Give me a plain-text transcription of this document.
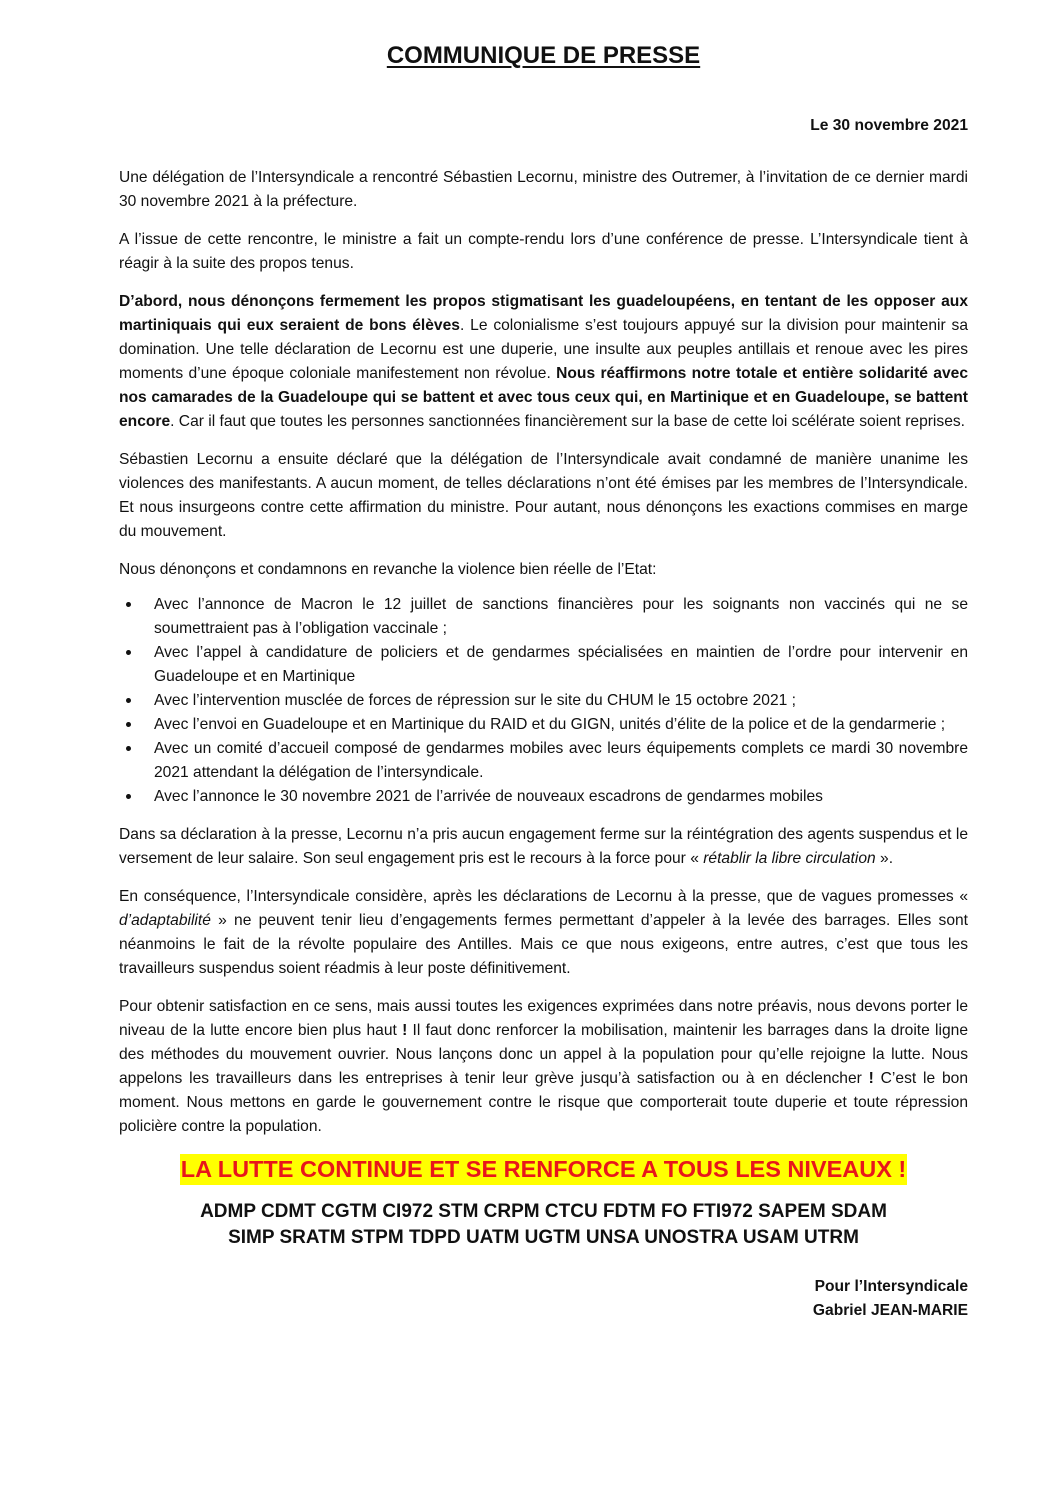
COMMUNIQUE DE PRESSE
Le 30 novembre 2021

Une délégation de l’Intersyndicale a rencontré Sébastien Lecornu, ministre des Outremer, à l’invitation de ce dernier mardi 30 novembre 2021 à la préfecture.

A l’issue de cette rencontre, le ministre a fait un compte-rendu lors d’une conférence de presse. L’Intersyndicale tient à réagir à la suite des propos tenus.

D’abord, nous dénonçons fermement les propos stigmatisant les guadeloupéens, en tentant de les opposer aux martiniquais qui eux seraient de bons élèves. Le colonialisme s’est toujours appuyé sur la division pour maintenir sa domination. Une telle déclaration de Lecornu est une duperie, une insulte aux peuples antillais et renoue avec les pires moments d’une époque coloniale manifestement non révolue. Nous réaffirmons notre totale et entière solidarité avec nos camarades de la Guadeloupe qui se battent et avec tous ceux qui, en Martinique et en Guadeloupe, se battent encore. Car il faut que toutes les personnes sanctionnées financièrement sur la base de cette loi scélérate soient reprises.

Sébastien Lecornu a ensuite déclaré que la délégation de l’Intersyndicale avait condamné de manière unanime les violences des manifestants. A aucun moment, de telles déclarations n’ont été émises par les membres de l’Intersyndicale. Et nous insurgeons contre cette affirmation du ministre. Pour autant, nous dénonçons les exactions commises en marge du mouvement.

Nous dénonçons et condamnons en revanche la violence bien réelle de l’Etat:

Avec l’annonce de Macron le 12 juillet de sanctions financières pour les soignants non vaccinés qui ne se soumettraient pas à l’obligation vaccinale ;
Avec l’appel à candidature de policiers et de gendarmes spécialisées en maintien de l’ordre pour intervenir en Guadeloupe et en Martinique
Avec l’intervention musclée de forces de répression sur le site du CHUM le 15 octobre 2021 ;
Avec l’envoi en Guadeloupe et en Martinique du RAID et du GIGN, unités d’élite de la police et de la gendarmerie ;
Avec un comité d’accueil composé de gendarmes mobiles avec leurs équipements complets ce mardi 30 novembre 2021 attendant la délégation de l’intersyndicale.
Avec l’annonce le 30 novembre 2021 de l’arrivée de nouveaux escadrons de gendarmes mobiles

Dans sa déclaration à la presse, Lecornu n’a pris aucun engagement ferme sur la réintégration des agents suspendus et le versement de leur salaire. Son seul engagement pris est le recours à la force pour « rétablir la libre circulation ».

En conséquence, l’Intersyndicale considère, après les déclarations de Lecornu à la presse, que de vagues promesses « d’adaptabilité » ne peuvent tenir lieu d’engagements fermes permettant d’appeler à la levée des barrages. Elles sont néanmoins le fait de la révolte populaire des Antilles. Mais ce que nous exigeons, entre autres, c’est que tous les travailleurs suspendus soient réadmis à leur poste définitivement.

Pour obtenir satisfaction en ce sens, mais aussi toutes les exigences exprimées dans notre préavis, nous devons porter le niveau de la lutte encore bien plus haut ! Il faut donc renforcer la mobilisation, maintenir les barrages dans la droite ligne des méthodes du mouvement ouvrier. Nous lançons donc un appel à la population pour qu’elle rejoigne la lutte. Nous appelons les travailleurs dans les entreprises à tenir leur grève jusqu’à satisfaction ou à en déclencher ! C’est le bon moment. Nous mettons en garde le gouvernement contre le risque que comporterait toute duperie et toute répression policière contre la population.

LA LUTTE CONTINUE ET SE RENFORCE A TOUS LES NIVEAUX !
ADMP CDMT CGTM CI972 STM CRPM CTCU FDTM FO FTI972 SAPEM SDAM
SIMP SRATM STPM TDPD UATM UGTM UNSA UNOSTRA USAM UTRM
Pour l’Intersyndicale
Gabriel JEAN-MARIE
